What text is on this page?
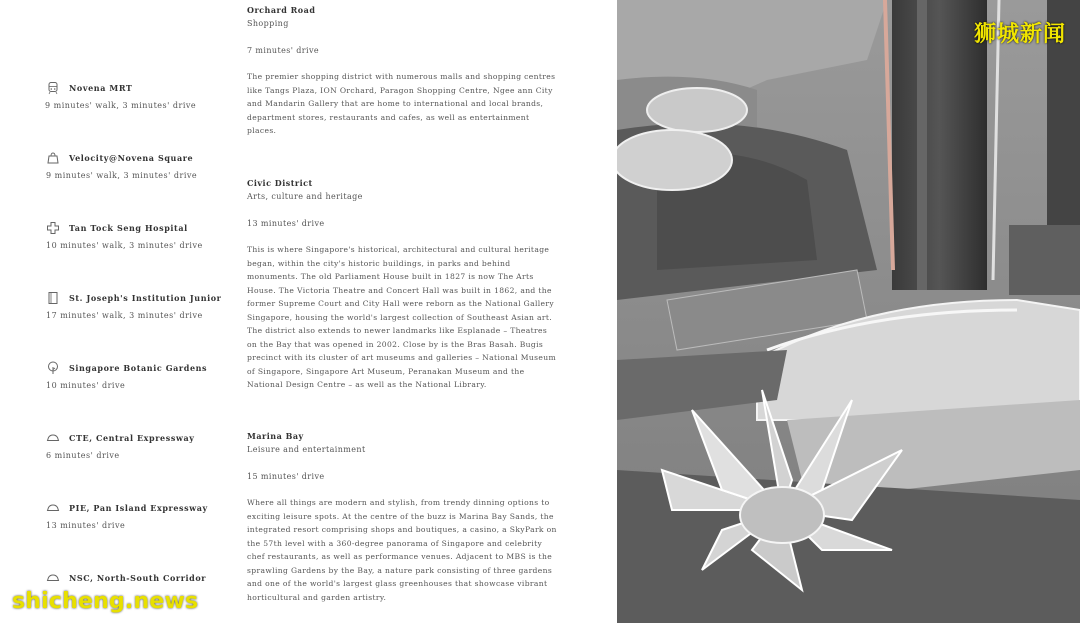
Novena MRT
9 minutes' walk, 3 minutes' drive
Velocity@Novena Square
9 minutes' walk, 3 minutes' drive
Tan Tock Seng Hospital
10 minutes' walk, 3 minutes' drive
St. Joseph's Institution Junior
17 minutes' walk, 3 minutes' drive
Singapore Botanic Gardens
10 minutes' drive
CTE, Central Expressway
6 minutes' drive
PIE, Pan Island Expressway
13 minutes' drive
NSC, North-South Corridor
Orchard Road
Shopping
7 minutes' drive
The premier shopping district with numerous malls and shopping centres like Tangs Plaza, ION Orchard, Paragon Shopping Centre, Ngee ann City and Mandarin Gallery that are home to international and local brands, department stores, restaurants and cafes, as well as entertainment places.
Civic District
Arts, culture and heritage
13 minutes' drive
This is where Singapore's historical, architectural and cultural heritage began, within the city's historic buildings, in parks and behind monuments. The old Parliament House built in 1827 is now The Arts House. The Victoria Theatre and Concert Hall was built in 1862, and the former Supreme Court and City Hall were reborn as the National Gallery Singapore, housing the world's largest collection of Southeast Asian art. The district also extends to newer landmarks like Esplanade – Theatres on the Bay that was opened in 2002. Close by is the Bras Basah. Bugis precinct with its cluster of art museums and galleries – National Museum of Singapore, Singapore Art Museum, Peranakan Museum and the National Design Centre – as well as the National Library.
Marina Bay
Leisure and entertainment
15 minutes' drive
Where all things are modern and stylish, from trendy dinning options to exciting leisure spots. At the centre of the buzz is Marina Bay Sands, the integrated resort comprising shops and boutiques, a casino, a SkyPark on the 57th level with a 360-degree panorama of Singapore and celebrity chef restaurants, as well as performance venues. Adjacent to MBS is the sprawling Gardens by the Bay, a nature park consisting of three gardens and one of the world's largest glass greenhouses that showcase vibrant horticultural and garden artistry.
狮城新闻
shicheng.news
